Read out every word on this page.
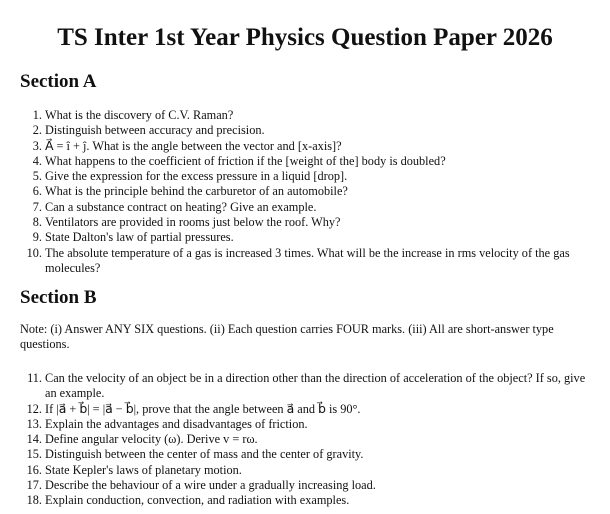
TS Inter 1st Year Physics Question Paper 2026
Section A
1. What is the discovery of C.V. Raman?
2. Distinguish between accuracy and precision.
3. A⃗ = î + ĵ. What is the angle between the vector and [x-axis]?
4. What happens to the coefficient of friction if the [weight of the] body is doubled?
5. Give the expression for the excess pressure in a liquid [drop].
6. What is the principle behind the carburetor of an automobile?
7. Can a substance contract on heating? Give an example.
8. Ventilators are provided in rooms just below the roof. Why?
9. State Dalton's law of partial pressures.
10. The absolute temperature of a gas is increased 3 times. What will be the increase in rms velocity of the gas molecules?
Section B

Note: (i) Answer ANY SIX questions. (ii) Each question carries FOUR marks. (iii) All are short-answer type questions.

11. Can the velocity of an object be in a direction other than the direction of acceleration of the object? If so, give an example.
12. If |a⃗ + b⃗| = |a⃗ − b⃗|, prove that the angle between a⃗ and b⃗ is 90°.
13. Explain the advantages and disadvantages of friction.
14. Define angular velocity (ω). Derive v = rω.
15. Distinguish between the center of mass and the center of gravity.
16. State Kepler's laws of planetary motion.
17. Describe the behaviour of a wire under a gradually increasing load.
18. Explain conduction, convection, and radiation with examples.
